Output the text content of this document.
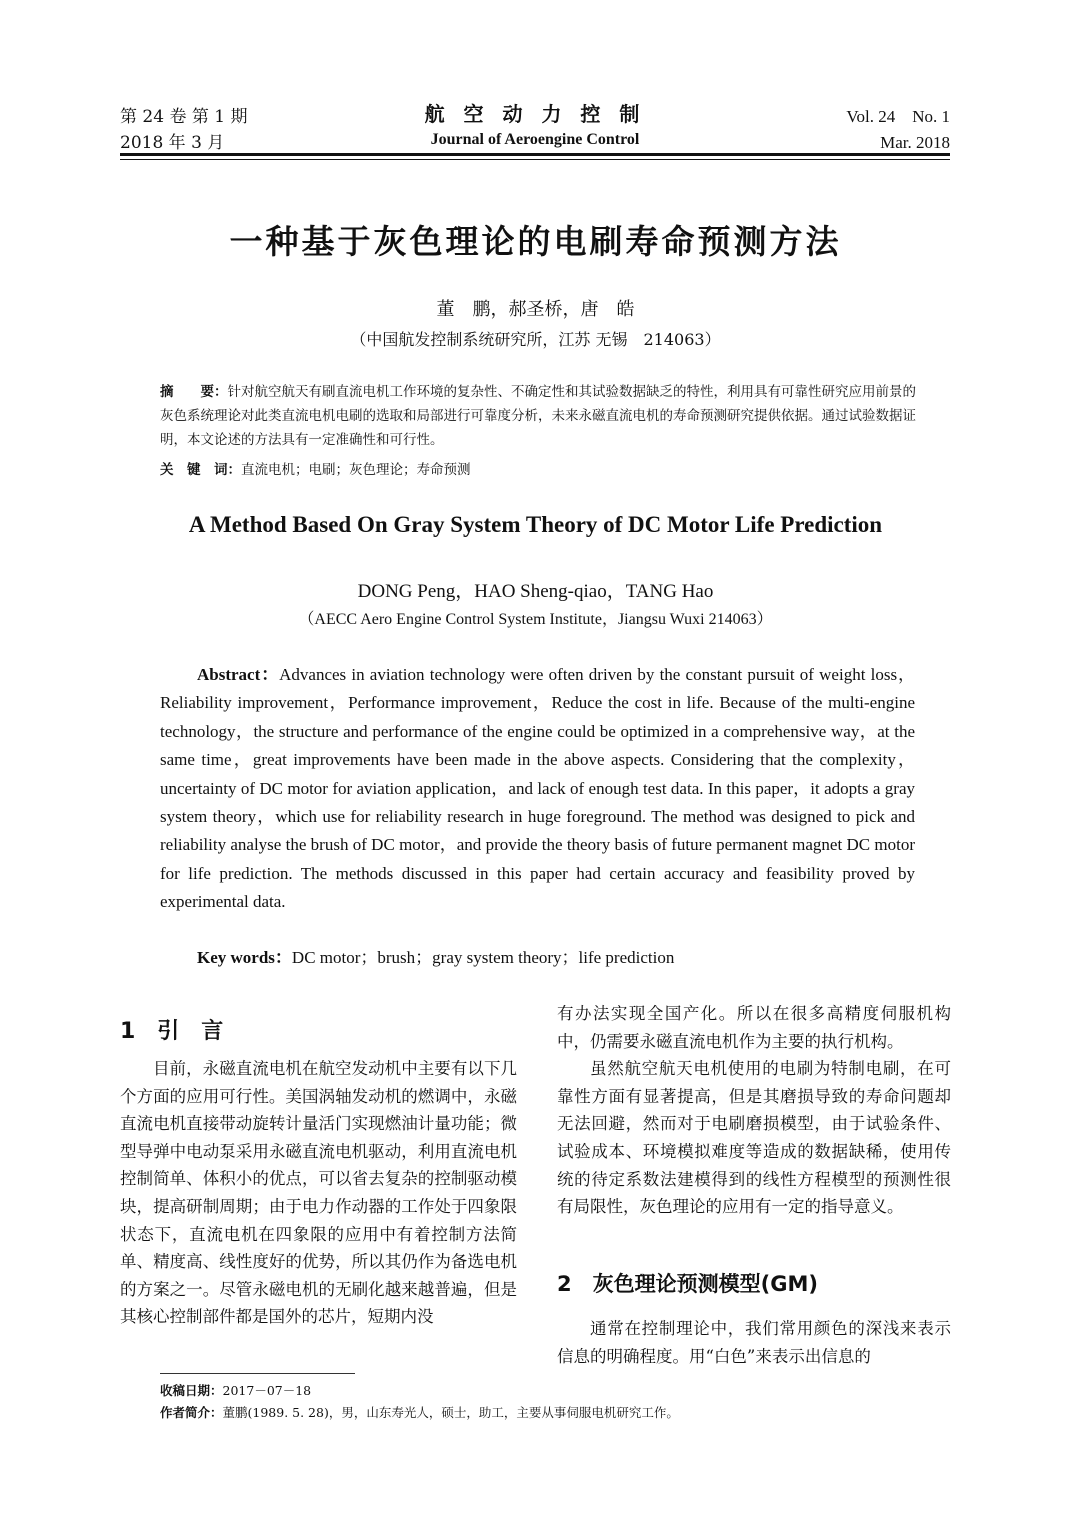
第 24 卷 第 1 期
2018 年 3 月
航 空 动 力 控 制
Journal of Aeroengine Control
Vol. 24    No. 1
Mar. 2018
一种基于灰色理论的电刷寿命预测方法
董　鹏，郝圣桥，唐　皓
（中国航发控制系统研究所，江苏 无锡　214063）
摘　　要：针对航空航天有刷直流电机工作环境的复杂性、不确定性和其试验数据缺乏的特性，利用具有可靠性研究应用前景的灰色系统理论对此类直流电机电刷的选取和局部进行可靠度分析，未来永磁直流电机的寿命预测研究提供依据。通过试验数据证明，本文论述的方法具有一定准确性和可行性。
关　键　词：直流电机；电刷；灰色理论；寿命预测
A Method Based On Gray System Theory of DC Motor Life Prediction
DONG Peng，HAO Sheng-qiao，TANG Hao
（AECC Aero Engine Control System Institute，Jiangsu Wuxi 214063）
Abstract：Advances in aviation technology were often driven by the constant pursuit of weight loss，Reliability improvement，Performance improvement，Reduce the cost in life. Because of the multi-engine technology，the structure and performance of the engine could be optimized in a comprehensive way，at the same time，great improvements have been made in the above aspects. Considering that the complexity，uncertainty of DC motor for aviation application，and lack of enough test data. In this paper，it adopts a gray system theory，which use for reliability research in huge foreground. The method was designed to pick and reliability analyse the brush of DC motor，and provide the theory basis of future permanent magnet DC motor for life prediction. The methods discussed in this paper had certain accuracy and feasibility proved by experimental data.
Key words：DC motor；brush；gray system theory；life prediction
1　引　言

目前，永磁直流电机在航空发动机中主要有以下几个方面的应用可行性。美国涡轴发动机的燃调中，永磁直流电机直接带动旋转计量活门实现燃油计量功能；微型导弹中电动泵采用永磁直流电机驱动，利用直流电机控制简单、体积小的优点，可以省去复杂的控制驱动模块，提高研制周期；由于电力作动器的工作处于四象限状态下，直流电机在四象限的应用中有着控制方法简单、精度高、线性度好的优势，所以其仍作为备选电机的方案之一。尽管永磁电机的无刷化越来越普遍，但是其核心控制部件都是国外的芯片，短期内没

有办法实现全国产化。所以在很多高精度伺服机构中，仍需要永磁直流电机作为主要的执行机构。

虽然航空航天电机使用的电刷为特制电刷，在可靠性方面有显著提高，但是其磨损导致的寿命问题却无法回避，然而对于电刷磨损模型，由于试验条件、试验成本、环境模拟难度等造成的数据缺稀，使用传统的待定系数法建模得到的线性方程模型的预测性很有局限性，灰色理论的应用有一定的指导意义。

2　灰色理论预测模型(GM)

通常在控制理论中，我们常用颜色的深浅来表示信息的明确程度。用“白色”来表示出信息的

收稿日期：2017－07－18
作者简介：董鹏(1989. 5. 28)，男，山东寿光人，硕士，助工，主要从事伺服电机研究工作。
